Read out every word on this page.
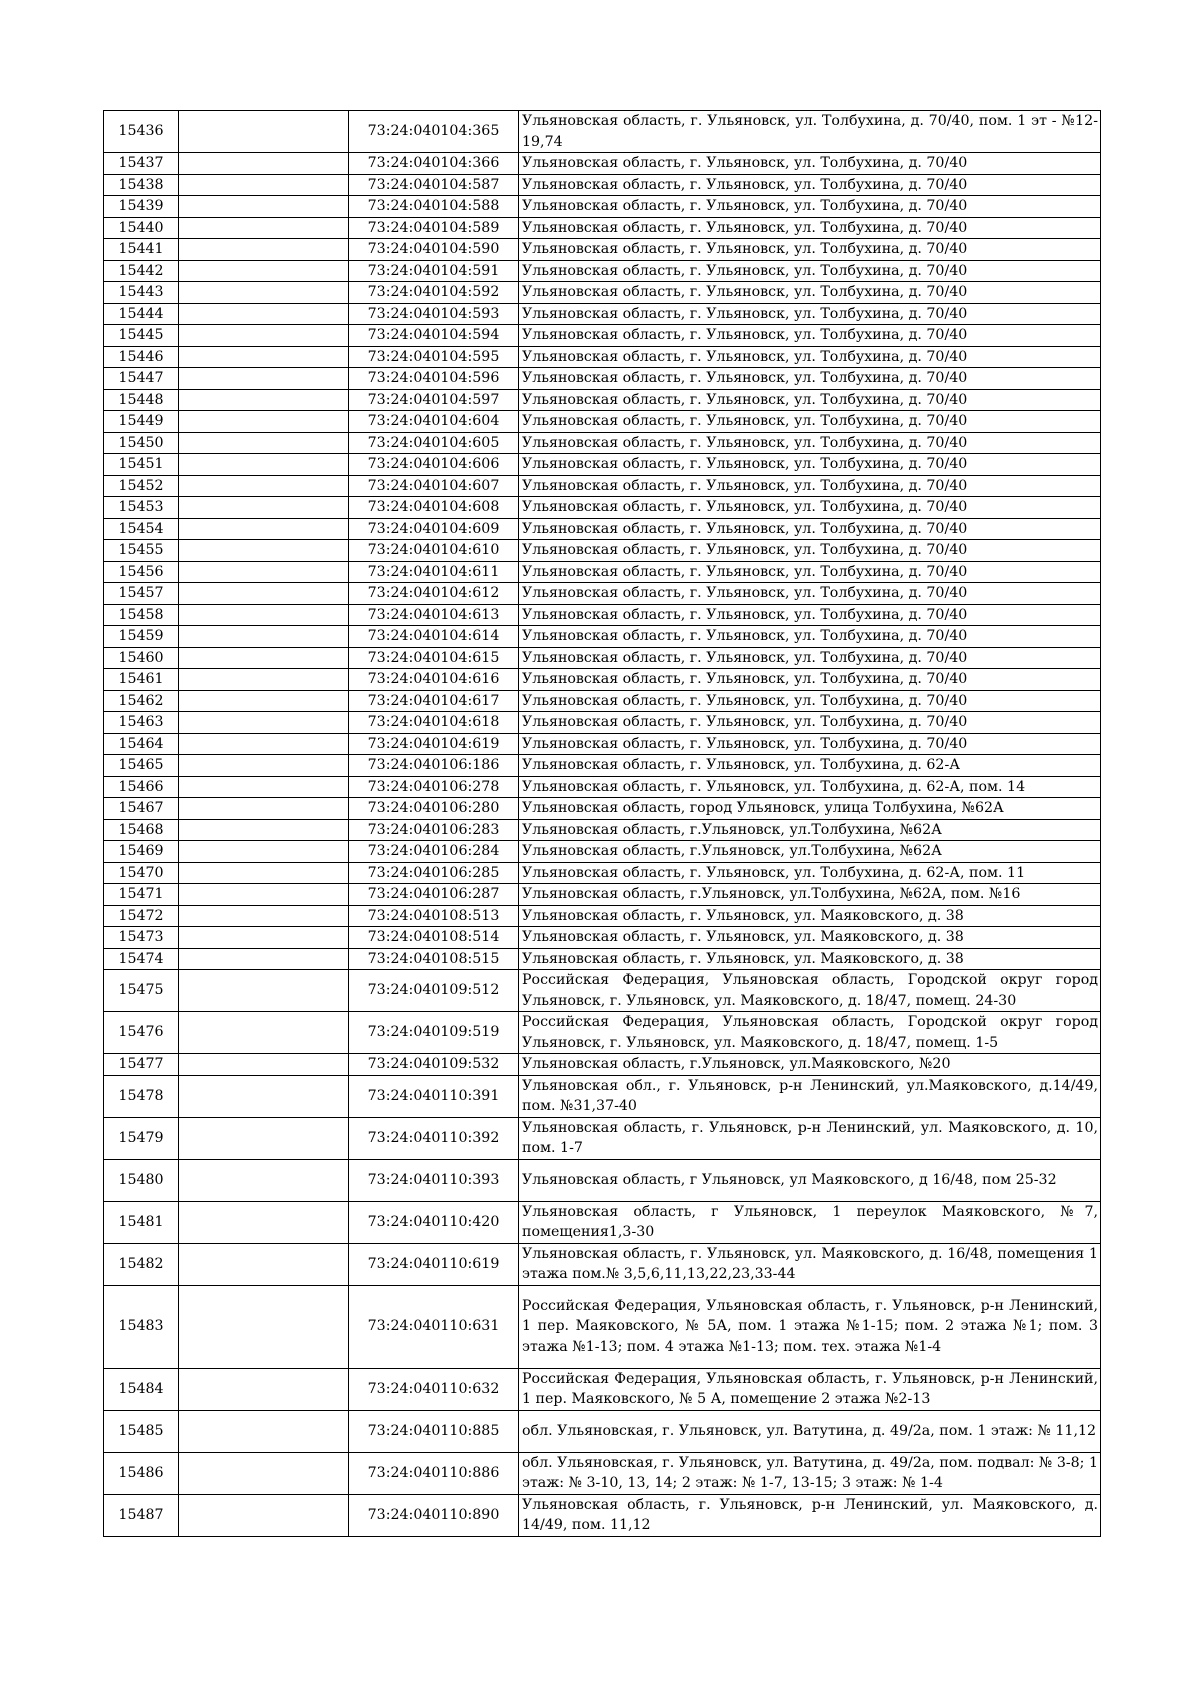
15436		73:24:040104:365	Ульяновская область, г. Ульяновск, ул. Толбухина, д. 70/40, пом. 1 эт - №12-19,74
15437		73:24:040104:366	Ульяновская область, г. Ульяновск, ул. Толбухина, д. 70/40
15438		73:24:040104:587	Ульяновская область, г. Ульяновск, ул. Толбухина, д. 70/40
15439		73:24:040104:588	Ульяновская область, г. Ульяновск, ул. Толбухина, д. 70/40
15440		73:24:040104:589	Ульяновская область, г. Ульяновск, ул. Толбухина, д. 70/40
15441		73:24:040104:590	Ульяновская область, г. Ульяновск, ул. Толбухина, д. 70/40
15442		73:24:040104:591	Ульяновская область, г. Ульяновск, ул. Толбухина, д. 70/40
15443		73:24:040104:592	Ульяновская область, г. Ульяновск, ул. Толбухина, д. 70/40
15444		73:24:040104:593	Ульяновская область, г. Ульяновск, ул. Толбухина, д. 70/40
15445		73:24:040104:594	Ульяновская область, г. Ульяновск, ул. Толбухина, д. 70/40
15446		73:24:040104:595	Ульяновская область, г. Ульяновск, ул. Толбухина, д. 70/40
15447		73:24:040104:596	Ульяновская область, г. Ульяновск, ул. Толбухина, д. 70/40
15448		73:24:040104:597	Ульяновская область, г. Ульяновск, ул. Толбухина, д. 70/40
15449		73:24:040104:604	Ульяновская область, г. Ульяновск, ул. Толбухина, д. 70/40
15450		73:24:040104:605	Ульяновская область, г. Ульяновск, ул. Толбухина, д. 70/40
15451		73:24:040104:606	Ульяновская область, г. Ульяновск, ул. Толбухина, д. 70/40
15452		73:24:040104:607	Ульяновская область, г. Ульяновск, ул. Толбухина, д. 70/40
15453		73:24:040104:608	Ульяновская область, г. Ульяновск, ул. Толбухина, д. 70/40
15454		73:24:040104:609	Ульяновская область, г. Ульяновск, ул. Толбухина, д. 70/40
15455		73:24:040104:610	Ульяновская область, г. Ульяновск, ул. Толбухина, д. 70/40
15456		73:24:040104:611	Ульяновская область, г. Ульяновск, ул. Толбухина, д. 70/40
15457		73:24:040104:612	Ульяновская область, г. Ульяновск, ул. Толбухина, д. 70/40
15458		73:24:040104:613	Ульяновская область, г. Ульяновск, ул. Толбухина, д. 70/40
15459		73:24:040104:614	Ульяновская область, г. Ульяновск, ул. Толбухина, д. 70/40
15460		73:24:040104:615	Ульяновская область, г. Ульяновск, ул. Толбухина, д. 70/40
15461		73:24:040104:616	Ульяновская область, г. Ульяновск, ул. Толбухина, д. 70/40
15462		73:24:040104:617	Ульяновская область, г. Ульяновск, ул. Толбухина, д. 70/40
15463		73:24:040104:618	Ульяновская область, г. Ульяновск, ул. Толбухина, д. 70/40
15464		73:24:040104:619	Ульяновская область, г. Ульяновск, ул. Толбухина, д. 70/40
15465		73:24:040106:186	Ульяновская область, г. Ульяновск, ул. Толбухина, д. 62-А
15466		73:24:040106:278	Ульяновская область, г. Ульяновск, ул. Толбухина, д. 62-А, пом. 14
15467		73:24:040106:280	Ульяновская область, город Ульяновск, улица Толбухина, №62А
15468		73:24:040106:283	Ульяновская область, г.Ульяновск, ул.Толбухина, №62А
15469		73:24:040106:284	Ульяновская область, г.Ульяновск, ул.Толбухина, №62А
15470		73:24:040106:285	Ульяновская область, г. Ульяновск, ул. Толбухина, д. 62-А, пом. 11
15471		73:24:040106:287	Ульяновская область, г.Ульяновск, ул.Толбухина, №62А, пом. №16
15472		73:24:040108:513	Ульяновская область, г. Ульяновск, ул. Маяковского, д. 38
15473		73:24:040108:514	Ульяновская область, г. Ульяновск, ул. Маяковского, д. 38
15474		73:24:040108:515	Ульяновская область, г. Ульяновск, ул. Маяковского, д. 38
15475		73:24:040109:512	Российская Федерация, Ульяновская область, Городской округ город Ульяновск, г. Ульяновск, ул. Маяковского, д. 18/47, помещ. 24-30
15476		73:24:040109:519	Российская Федерация, Ульяновская область, Городской округ город Ульяновск, г. Ульяновск, ул. Маяковского, д. 18/47, помещ. 1-5
15477		73:24:040109:532	Ульяновская область, г.Ульяновск, ул.Маяковского, №20
15478		73:24:040110:391	Ульяновская обл., г. Ульяновск, р-н Ленинский, ул.Маяковского, д.14/49, пом. №31,37-40
15479		73:24:040110:392	Ульяновская область, г. Ульяновск, р-н Ленинский, ул. Маяковского, д. 10, пом. 1-7
15480		73:24:040110:393	Ульяновская область, г Ульяновск, ул Маяковского, д 16/48, пом 25-32
15481		73:24:040110:420	Ульяновская область, г Ульяновск, 1 переулок Маяковского, №7, помещения1,3-30
15482		73:24:040110:619	Ульяновская область, г. Ульяновск, ул. Маяковского, д. 16/48, помещения 1 этажа пом.№ 3,5,6,11,13,22,23,33-44
15483		73:24:040110:631	Российская Федерация, Ульяновская область, г. Ульяновск, р-н Ленинский, 1 пер. Маяковского, № 5А, пом. 1 этажа №1-15; пом. 2 этажа №1; пом. 3 этажа №1-13; пом. 4 этажа №1-13; пом. тех. этажа №1-4
15484		73:24:040110:632	Российская Федерация, Ульяновская область, г. Ульяновск, р-н Ленинский, 1 пер. Маяковского, № 5 А, помещение 2 этажа №2-13
15485		73:24:040110:885	обл. Ульяновская, г. Ульяновск, ул. Ватутина, д. 49/2а, пом. 1 этаж: № 11,12
15486		73:24:040110:886	обл. Ульяновская, г. Ульяновск, ул. Ватутина, д. 49/2а, пом. подвал: № 3-8; 1 этаж: № 3-10, 13, 14; 2 этаж: № 1-7, 13-15; 3 этаж: № 1-4
15487		73:24:040110:890	Ульяновская область, г. Ульяновск, р-н Ленинский, ул. Маяковского, д. 14/49, пом. 11,12
